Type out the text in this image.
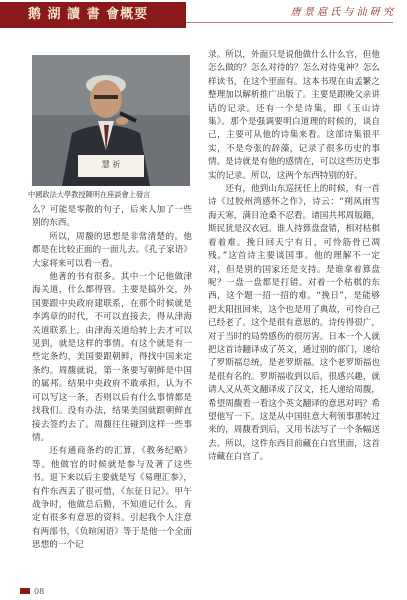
鹅 湖 讀 書 會概要	唐 景 扈 氏 与 汕 研 究
慧 祈
中國政法大學教授陳明在座談會上發言

么？可能是零散的句子，后来人加了一些别的东西。

所以，周馥的思想是非常清楚的。他都是在比较正面的一面儿去。《孔子家语》大家将来可以看一看。

他著的书有很多。其中一个记他做津海关道，什么都得管。主要是搞外交，外国要跟中央政府建联系，在那个时候就是李鸿章的时代，不可以直接去，得从津海关道联系上，由津海关道给转上去才可以见到，就是这样的事情。有这个就是有一些定条约，美国要跟朝鲜，得找中国来定条约。周馥就说，第一条要写朝鲜是中国的属邦。结果中央政府不敢承担，认为不可以写这一条，否则以后有什么事情都是找我们。没有办法，结果美国就跟朝鲜直接去签约去了。周馥往往碰到这样一些事情。

还有通商条约的汇算，《教务纪略》等。他做官的时候就是参与及著了这些书。退下来以后主要就是写《易理汇参》，有件东西丢了很可惜，《东征日记》。甲午战争时，他做总后勤，不知道记什么，肯定有很多有意思的资料。引起我个人注意有两部书，《负暄闲语》等于是他一个全面思想的一个记

录。所以，外面只是说他做什么什么官，但他怎么做的？怎么对待的？怎么对待鬼神？怎么样读书，在这个里面有。这本书现在由孟繁之整理加以解析推广出版了。主要是跟晚父亲讲话的记录。还有一个是诗集，即《玉山诗集》。那个是强调要明白道理的时候的，谈自己，主要可从他的诗集来看。这部诗集很平实，不是夸张的辞藻，记录了很多历史的事情。是诗就是有他的感情在，可以这些历史事实的记录。所以，这两个东西特别的好。

还有，他到山东巡抚任上的时候，有一首诗《过胶州湾感怀之作》，诗云：“朔风雨雪海天寒，满目沧桑不忍看。诸国共邦周版籍，斯民犹是汉衣冠。谁人持算盘盘错，相对枯棋着着难。挽日回天宁有日，可怜筋骨已凋残。”这首诗主要谈国事。他的理解不一定对，但是别的国家还是支持。是谁拿着算盘呢？一盘一盘都是打错。对着一个枯棋的东西，这个题一招一招的难。“挽日”，是能够把太阳扭回来，这个也是用了典故，可怜自己已经老了。这个是很有意思的。诗传得很广，对于当时的局势感伤的很厉害。日本一个人就把这首诗翻译成了英文，通过别的部门，递给了罗斯福总统，是老罗斯福。这个老罗斯福也是很有名的。罗斯福收到以后，很感兴趣，就请人又从英文翻译成了汉文，托人递给周馥，希望周馥看一看这个英文翻译的意思对吗？希望他写一下。这是从中国驻意大利领事那转过来的，周馥看到后，又用书法写了一个条幅送去。所以，这件东西目前藏在白宫里面，这首诗藏在白宫了。

08
